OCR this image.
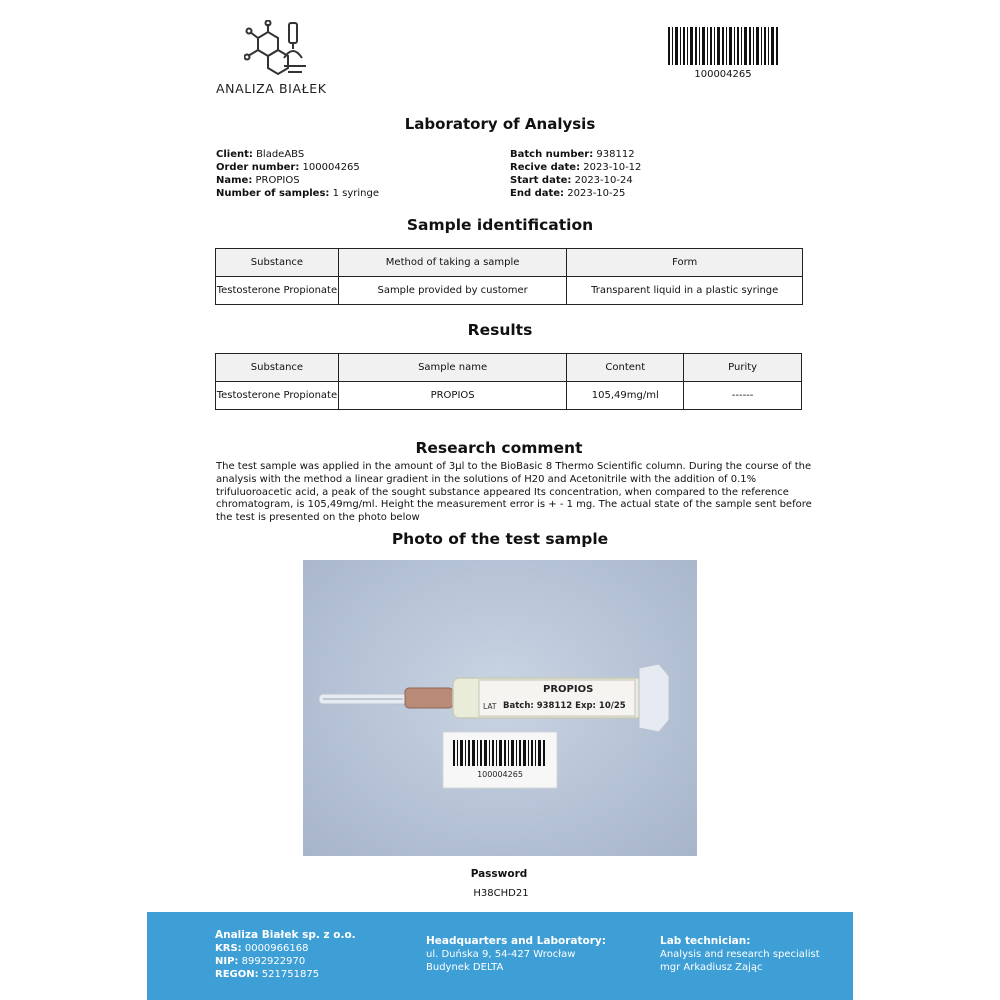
ANALIZA BIAŁEK
100004265
Laboratory of Analysis
Client: BladeABS
Order number: 100004265
Name: PROPIOS
Number of samples: 1 syringe
Batch number: 938112
Recive date: 2023-10-12
Start date: 2023-10-24
End date: 2023-10-25
Sample identification
Substance	Method of taking a sample	Form
Testosterone Propionate	Sample provided by customer	Transparent liquid in a plastic syringe
Results
Substance	Sample name	Content	Purity
Testosterone Propionate	PROPIOS	105,49mg/ml	------
Research comment
The test sample was applied in the amount of 3µl to the BioBasic 8 Thermo Scientific column. During the course of the analysis with the method a linear gradient in the solutions of H20 and Acetonitrile with the addition of 0.1% trifuluoroacetic acid, a peak of the sought substance appeared Its concentration, when compared to the reference chromatogram, is 105,49mg/ml. Height the measurement error is + - 1 mg. The actual state of the sample sent before the test is presented on the photo below
Photo of the test sample
PROPIOS
LAT Batch: 938112 Exp: 10/25
100004265
Password
H38CHD21
Analiza Białek sp. z o.o.
KRS: 0000966168
NIP: 8992922970
REGON: 521751875
Headquarters and Laboratory:
ul. Duńska 9, 54-427 Wrocław
Budynek DELTA
Lab technician:
Analysis and research specialist
mgr Arkadiusz Zając
